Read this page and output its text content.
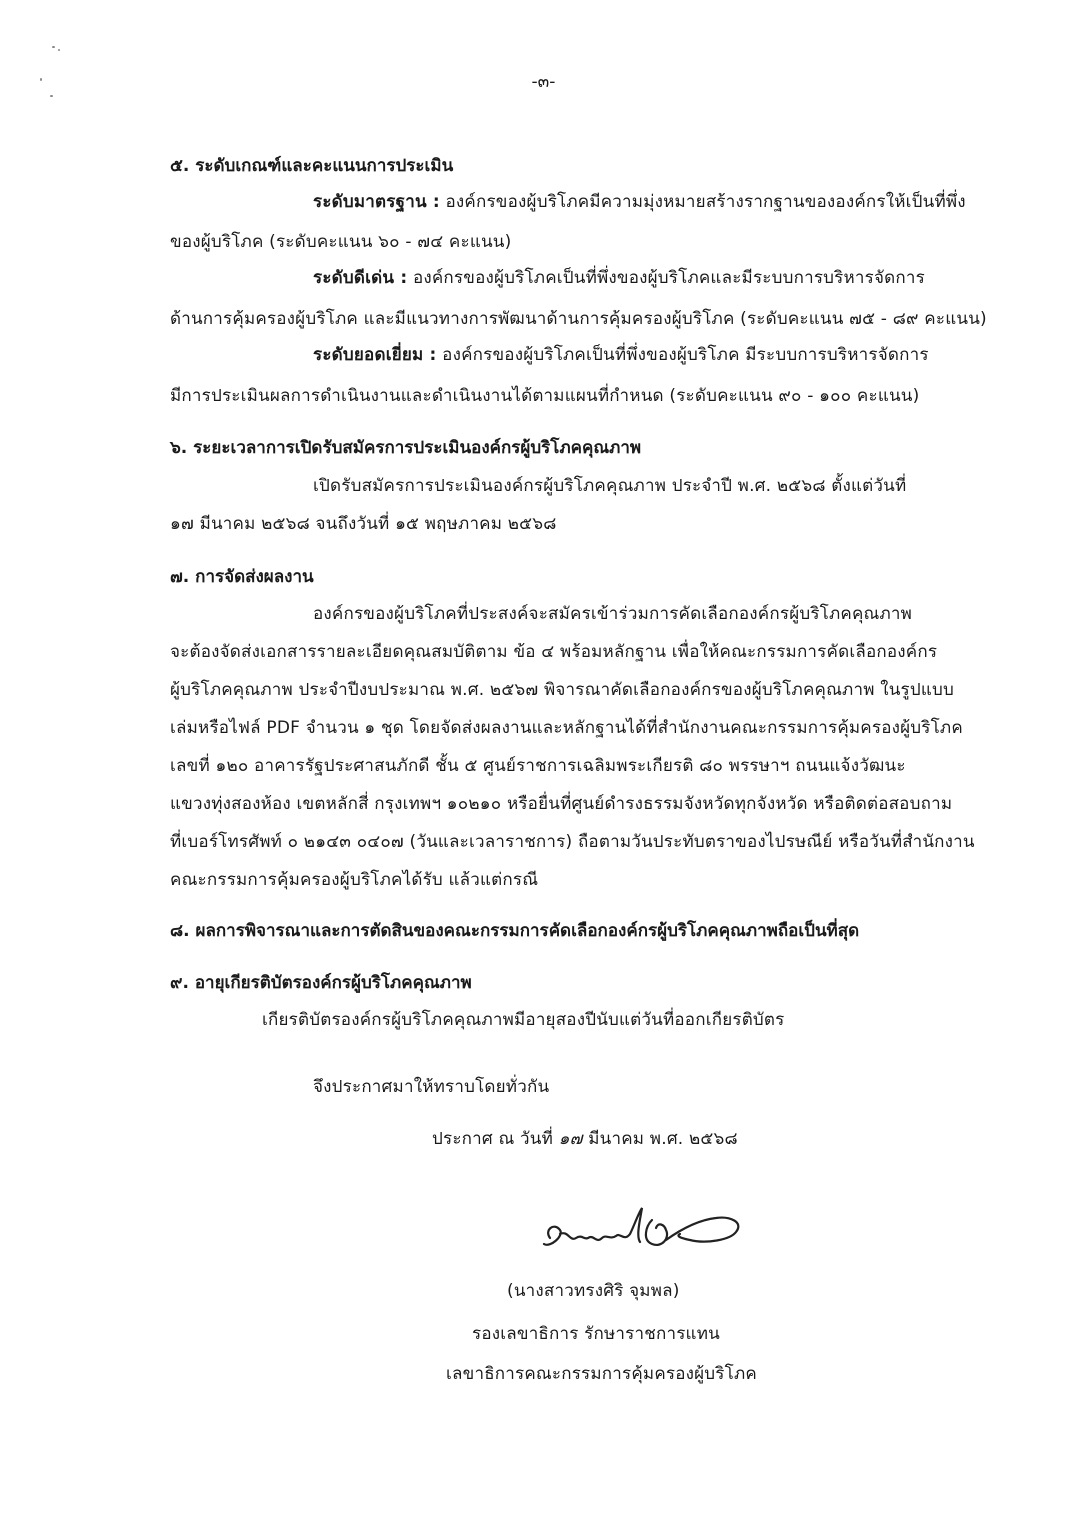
-๓-
๕. ระดับเกณฑ์และคะแนนการประเมิน
ระดับมาตรฐาน : องค์กรของผู้บริโภคมีความมุ่งหมายสร้างรากฐานขององค์กรให้เป็นที่พึ่ง
ของผู้บริโภค (ระดับคะแนน ๖๐ - ๗๔ คะแนน)
ระดับดีเด่น : องค์กรของผู้บริโภคเป็นที่พึ่งของผู้บริโภคและมีระบบการบริหารจัดการ
ด้านการคุ้มครองผู้บริโภค และมีแนวทางการพัฒนาด้านการคุ้มครองผู้บริโภค (ระดับคะแนน ๗๕ - ๘๙ คะแนน)
ระดับยอดเยี่ยม : องค์กรของผู้บริโภคเป็นที่พึ่งของผู้บริโภค มีระบบการบริหารจัดการ
มีการประเมินผลการดำเนินงานและดำเนินงานได้ตามแผนที่กำหนด (ระดับคะแนน ๙๐ - ๑๐๐ คะแนน)
๖. ระยะเวลาการเปิดรับสมัครการประเมินองค์กรผู้บริโภคคุณภาพ
เปิดรับสมัครการประเมินองค์กรผู้บริโภคคุณภาพ ประจำปี พ.ศ. ๒๕๖๘ ตั้งแต่วันที่
๑๗ มีนาคม ๒๕๖๘ จนถึงวันที่ ๑๕ พฤษภาคม ๒๕๖๘
๗. การจัดส่งผลงาน
องค์กรของผู้บริโภคที่ประสงค์จะสมัครเข้าร่วมการคัดเลือกองค์กรผู้บริโภคคุณภาพ
จะต้องจัดส่งเอกสารรายละเอียดคุณสมบัติตาม ข้อ ๔ พร้อมหลักฐาน เพื่อให้คณะกรรมการคัดเลือกองค์กร
ผู้บริโภคคุณภาพ ประจำปีงบประมาณ พ.ศ. ๒๕๖๗ พิจารณาคัดเลือกองค์กรของผู้บริโภคคุณภาพ ในรูปแบบ
เล่มหรือไฟล์ PDF จำนวน ๑ ชุด โดยจัดส่งผลงานและหลักฐานได้ที่สำนักงานคณะกรรมการคุ้มครองผู้บริโภค
เลขที่ ๑๒๐ อาคารรัฐประศาสนภักดี ชั้น ๕ ศูนย์ราชการเฉลิมพระเกียรติ ๘๐ พรรษาฯ ถนนแจ้งวัฒนะ
แขวงทุ่งสองห้อง เขตหลักสี่ กรุงเทพฯ ๑๐๒๑๐ หรือยื่นที่ศูนย์ดำรงธรรมจังหวัดทุกจังหวัด หรือติดต่อสอบถาม
ที่เบอร์โทรศัพท์ ๐ ๒๑๔๓ ๐๔๐๗ (วันและเวลาราชการ) ถือตามวันประทับตราของไปรษณีย์ หรือวันที่สำนักงาน
คณะกรรมการคุ้มครองผู้บริโภคได้รับ แล้วแต่กรณี
๘. ผลการพิจารณาและการตัดสินของคณะกรรมการคัดเลือกองค์กรผู้บริโภคคุณภาพถือเป็นที่สุด
๙. อายุเกียรติบัตรองค์กรผู้บริโภคคุณภาพ
เกียรติบัตรองค์กรผู้บริโภคคุณภาพมีอายุสองปีนับแต่วันที่ออกเกียรติบัตร
จึงประกาศมาให้ทราบโดยทั่วกัน
ประกาศ ณ วันที่ ๑๗ มีนาคม พ.ศ. ๒๕๖๘
(นางสาวทรงศิริ จุมพล)
รองเลขาธิการ รักษาราชการแทน
เลขาธิการคณะกรรมการคุ้มครองผู้บริโภค
